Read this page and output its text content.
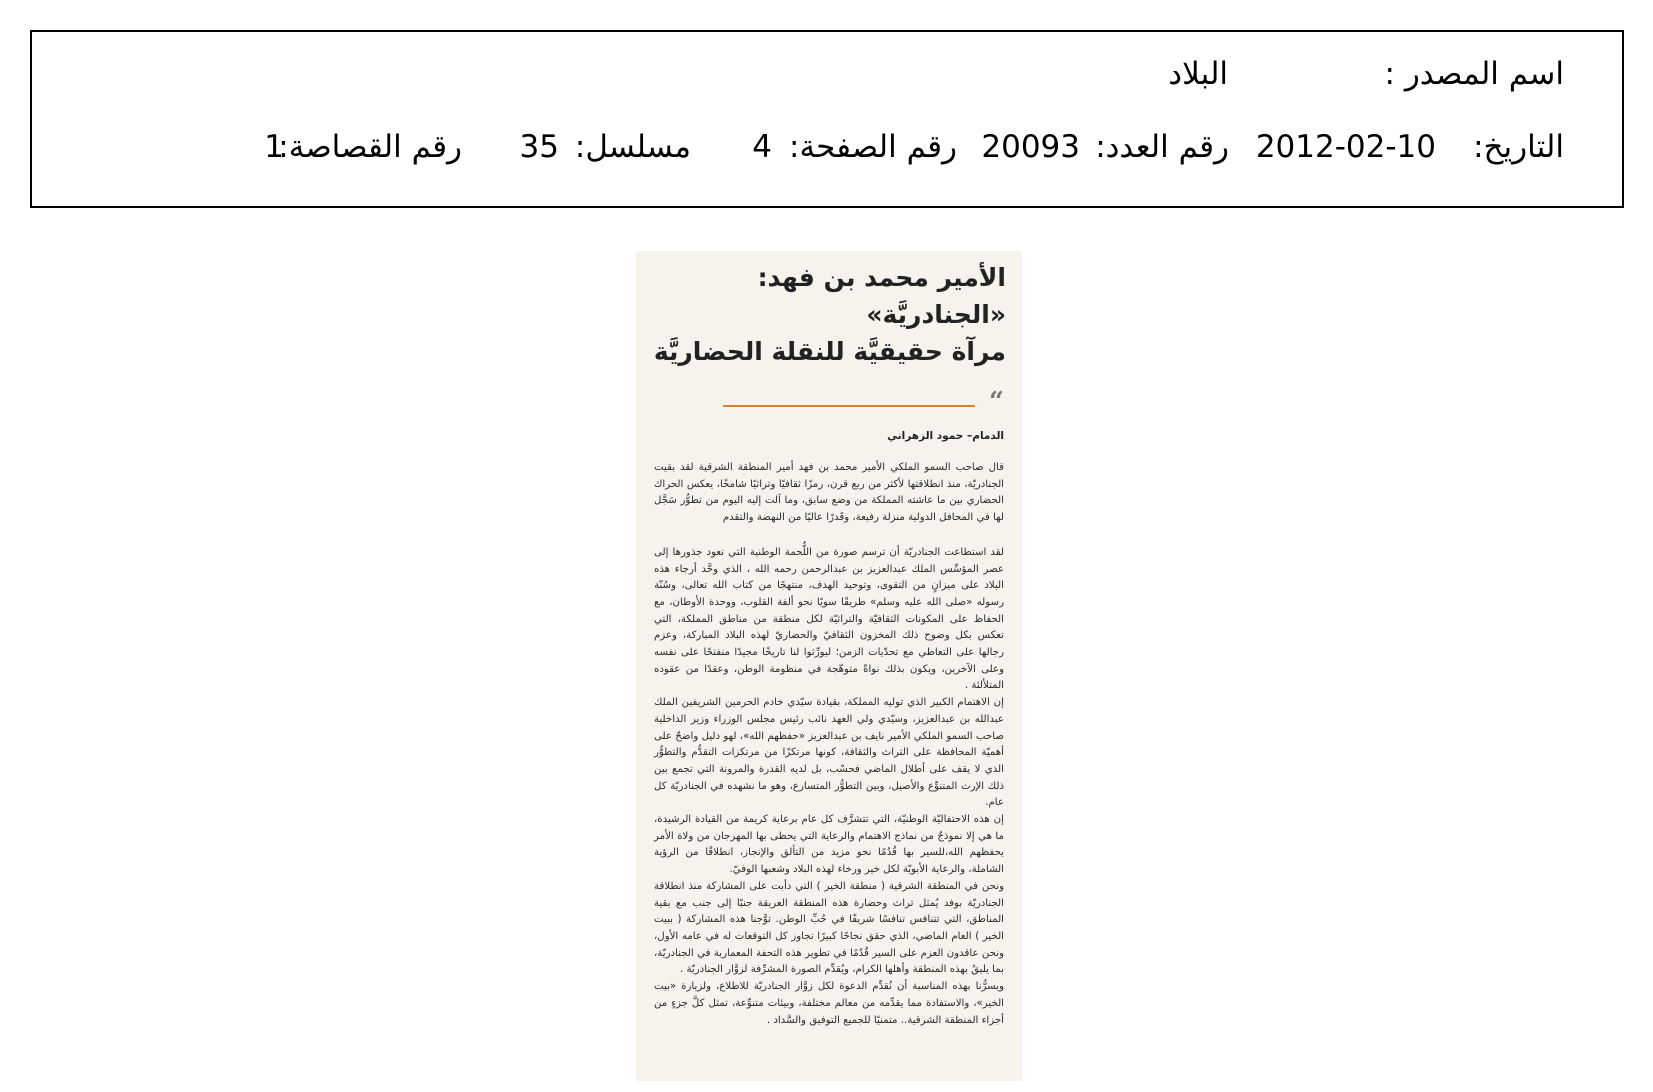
اسم المصدر :
البلاد
التاريخ:
2012-02-10
رقم العدد:
20093
رقم الصفحة:
4
مسلسل:
35
رقم القصاصة:
1
الأمير محمد بن فهد: «الجنادريَّة»
مرآة حقيقيَّة للنقلة الحضاريَّة
“
الدمام– حمود الزهراني

قال صاحب السمو الملكي الأمير محمد بن فهد أمير المنطقة الشرقية لقد بقيت الجنادريّة، منذ انطلاقتها لأكثر من ربع قرن، رمزًا ثقافيًا وتراثيًا شامخًا، يعكس الحراك الحضاري بين ما عاشته المملكة من وضع سابق، وما آلت إليه اليوم من تطوُّر سَجَّل لها في المحافل الدولية منزلة رفيعة، وقَدرًا عاليًا من النهضة والتقدم

لقد استطاعت الجنادريّة أن ترسم صورة من اللُّحمة الوطنية التي تعود جذورها إلى عصر المؤسِّس الملك عبدالعزيز بن عبدالرحمن رحمه الله ، الذي وحَّد أرجاء هذه البلاد على ميزانٍ من التقوى، وتوحيد الهدف، منتهجًا من كتاب الله تعالى، وسُنّة رسوله «صلى الله عليه وسلم» طريقًا سويًا نحو ألفة القلوب، ووحدة الأوطان، مع الحفاظ على المكونات الثقافيّة والتراثيّة لكل منطقة من مناطق المملكة، التي تعكس بكل وضوح ذلك المخزون الثقافيّ والحضاريّ لهذه البلاد المباركة، وعزم رجالها على التعاطي مع تحدّيات الزمن؛ ليورِّثوا لنا تاريخًا مجيدًا منفتحًا على نفسه وعلى الآخرين، ويكون بذلك نواةً متوهّجة في منظومة الوطن، وعقدًا من عقوده المتلألئة .

إن الاهتمام الكبير الذي توليه المملكة، بقيادة سيّدي خادم الحرمين الشريفين الملك عبدالله بن عبدالعزيز، وسيّدي ولي العهد نائب رئيس مجلس الوزراء وزير الداخلية صاحب السمو الملكي الأمير نايف بن عبدالعزيز «حفظهم الله»، لهو دليل واضحٌ على أهميّة المحافظة على التراث والثقافة، كونها مرتكزًا من مرتكزات التقدُّم والتطوُّر الذي لا يقف على أطلال الماضي فحسْب، بل لديه القدرة والمرونة التي تجمع بين ذلك الإرث المتنوِّع والأصيل، وبين التطوُّر المتسارع، وهو ما نشهده في الجنادريّة كل عام.

إن هذه الاحتفاليّة الوطنيّة، التي تتشرَّف كل عام برعاية كريمة من القيادة الرشيدة، ما هي إلا نموذجٌ من نماذج الاهتمام والرعاية التي يحظى بها المهرجان من ولاة الأمر يحفظهم الله،للسير بها قُدُمًا نحو مزيد من التألق والإنجاز، انطلاقًا من الرؤية الشاملة، والرعاية الأبويّة لكل خير ورخاء لهذه البلاد وشعبها الوفيّ.

ونحن في المنطقة الشرقية ( منطقة الخير ) التي دأبت على المشاركة منذ انطلاقة الجنادريّة بوفد يُمثل تراث وحضارة هذه المنطقة العريقة جنبًا إلى جنب مع بقية المناطق، التي تتنافس تنافسًا شريفًا في حُبِّ الوطن. توَّجنا هذه المشاركة ( ببيت الخير ) العام الماضي، الذي حقق نجاحًا كبيرًا تجاوز كل التوقعات له في عامه الأول، ونحن عاقدون العزم على السير قُدُمًا في تطوير هذه التحفة المعمارية في الجنادريّة، بما يليقُ بهذه المنطقة وأهلها الكرام، ويُقدِّم الصورة المشرِّفة لزوَّار الجنادريّة .

ويسرُّنا بهذه المناسبة أن نُقدِّم الدعوة لكل زوَّار الجنادريّة للاطلاع، ولزيارة «بيت الخير»، والاستفادة مما يقدِّمه من معالم مختلفة، وبيئات متنوِّعة، تمثل كلَّ جزءٍ من أجزاء المنطقة الشرقية.. متمنيًا للجميع التوفيق والسَّداد .
